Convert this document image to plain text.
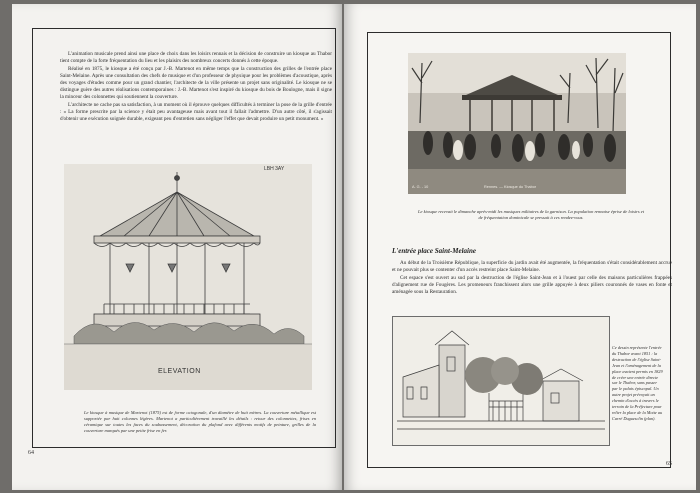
L'animation musicale prend ainsi une place de choix dans les loisirs rennais et la décision de construire un kiosque au Thabor tient compte de la forte fréquentation du lieu et les plaisirs des nombreux concerts donnés à cette époque.

Réalisé en 1875, le kiosque a été conçu par J.-B. Martenot en même temps que la construction des grilles de l'entrée place Saint-Melaine. Après une consultation des chefs de musique et d'un professeur de physique pour les problèmes d'acoustique, après des voyages d'études comme pour un grand chantier, l'architecte de la ville présente un projet sans originalité. Le kiosque ne se distingue guère des autres réalisations contemporaines : J.-B. Martenot s'est inspiré du kiosque du bois de Boulogne, mais il signe la minceur des colonnettes qui soutiennent la couverture.

L'architecte ne cache pas sa satisfaction, à un moment où il éprouve quelques difficultés à terminer la pose de la grille d'entrée : « La forme prescrite par la science y était peu avantageuse mais avant tout il fallait l'admettre. D'un autre côté, il s'agissait d'obtenir une exécution soignée durable, exigeant peu d'entretien sans négliger l'effet que devait produire un petit monument. »

LBH 3AY
ELEVATION
Le kiosque à musique de Martenot (1875) est de forme octogonale, d'un diamètre de huit mètres. La couverture métallique est supportée par huit colonnes légères. Martenot a particulièrement travaillé les détails : retour des colonnettes, frises en céramique sur toutes les faces du soubassement, décoration du plafond avec différents motifs de peinture, grilles de la couverture marqués par une petite frise en fer.
64
A. G. - 10	Rennes. — Kiosque du Thabor
Le kiosque recevait le dimanche après-midi les musiques militaires de la garnison. La population rennaise éprise de loisirs et de fréquentation dominicale se pressait à ces rendez-vous.
L'entrée place Saint-Melaine

Au début de la Troisième République, la superficie du jardin avait été augmentée, la fréquentation s'était considérablement accrue et ne pouvait plus se contenter d'un accès restreint place Saint-Melaine.

Cet espace s'est ouvert au sud par la destruction de l'église Saint-Jean et à l'ouest par celle des maisons particulières frappées d'alignement rue de Fougères. Les promeneurs franchissent alors une grille appuyée à deux piliers couronnés de vases en fonte et aménagée sous la Restauration.

Ce dessin représente l'entrée du Thabor avant 1851 : la destruction de l'église Saint-Jean et l'aménagement de la place avaient permis en 1829 de créer une entrée directe sur le Thabor, sans passer par le palais épiscopal. Un autre projet prévoyait un chemin d'accès à travers le terrain de la Préfecture pour relier la place de la Motte au Carré Duguesclin (plan).
65
